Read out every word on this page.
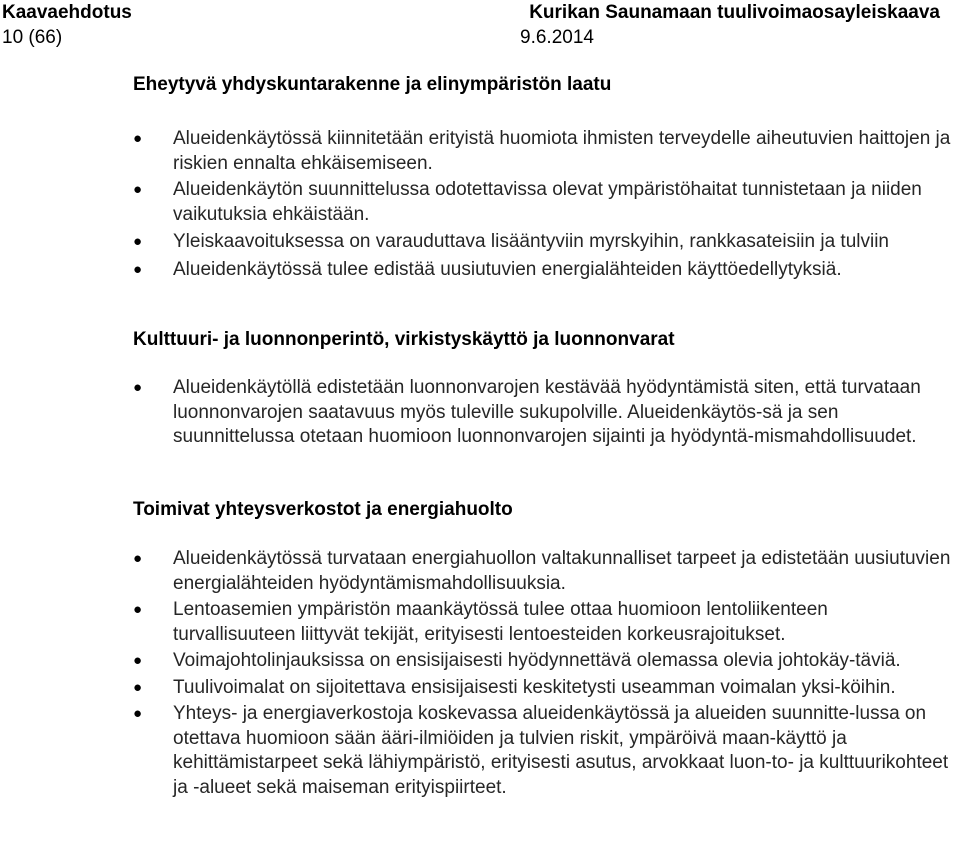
Kaavaehdotus	Kurikan Saunamaan tuulivoimaosayleiskaava
10 (66)	9.6.2014
Eheytyvä yhdyskuntarakenne ja elinympäristön laatu
● Alueidenkäytössä kiinnitetään erityistä huomiota ihmisten terveydelle aiheutuvien haittojen ja riskien ennalta ehkäisemiseen.
● Alueidenkäytön suunnittelussa odotettavissa olevat ympäristöhaitat tunnistetaan ja niiden vaikutuksia ehkäistään.
● Yleiskaavoituksessa on varauduttava lisääntyviin myrskyihin, rankkasateisiin ja tulviin
● Alueidenkäytössä tulee edistää uusiutuvien energialähteiden käyttöedellytyksiä.
Kulttuuri- ja luonnonperintö, virkistyskäyttö ja luonnonvarat
● Alueidenkäytöllä edistetään luonnonvarojen kestävää hyödyntämistä siten, että turvataan luonnonvarojen saatavuus myös tuleville sukupolville. Alueidenkäytös-sä ja sen suunnittelussa otetaan huomioon luonnonvarojen sijainti ja hyödyntä-mismahdollisuudet.
Toimivat yhteysverkostot ja energiahuolto
● Alueidenkäytössä turvataan energiahuollon valtakunnalliset tarpeet ja edistetään uusiutuvien energialähteiden hyödyntämismahdollisuuksia.
● Lentoasemien ympäristön maankäytössä tulee ottaa huomioon lentoliikenteen turvallisuuteen liittyvät tekijät, erityisesti lentoesteiden korkeusrajoitukset.
● Voimajohtolinjauksissa on ensisijaisesti hyödynnettävä olemassa olevia johtokäy-täviä.
● Tuulivoimalat on sijoitettava ensisijaisesti keskitetysti useamman voimalan yksi-köihin.
● Yhteys- ja energiaverkostoja koskevassa alueidenkäytössä ja alueiden suunnitte-lussa on otettava huomioon sään ääri-ilmiöiden ja tulvien riskit, ympäröivä maan-käyttö ja kehittämistarpeet sekä lähiympäristö, erityisesti asutus, arvokkaat luon-to- ja kulttuurikohteet ja -alueet sekä maiseman erityispiirteet.
